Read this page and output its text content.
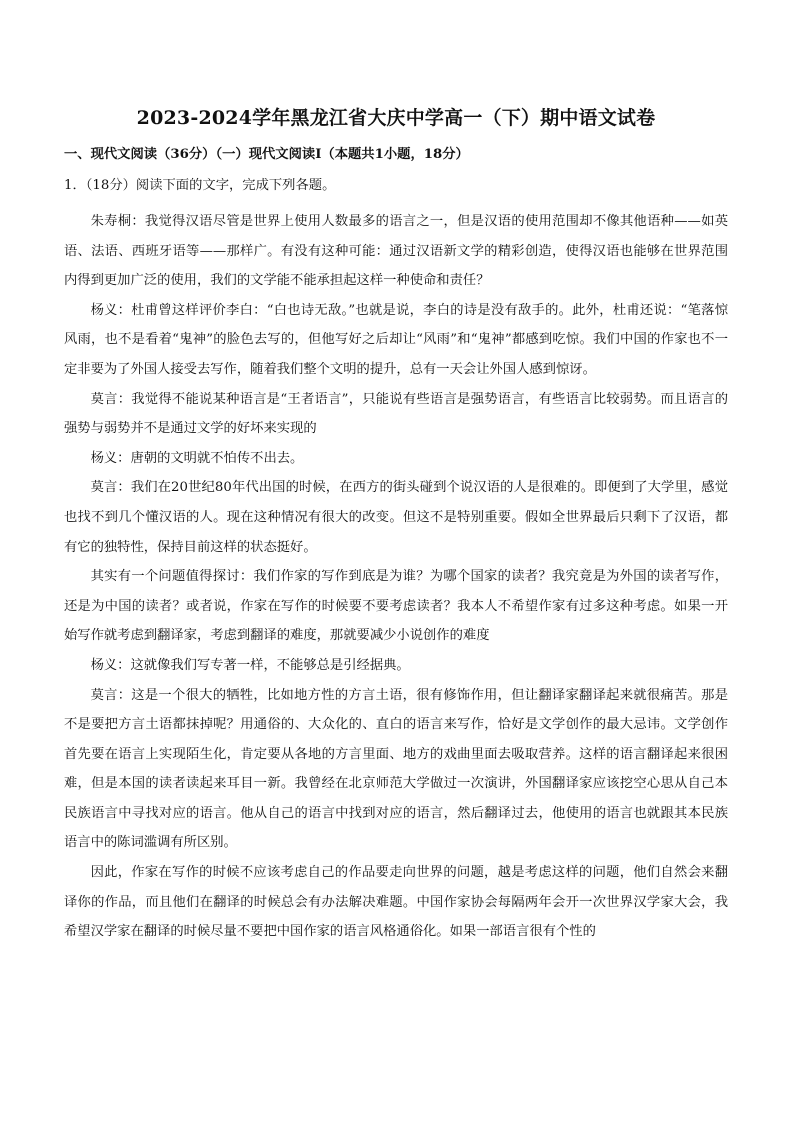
2023-2024学年黑龙江省大庆中学高一（下）期中语文试卷
一、现代文阅读（36分）（一）现代文阅读Ⅰ（本题共1小题，18分）
1．（18分）阅读下面的文字，完成下列各题。

朱寿桐：我觉得汉语尽管是世界上使用人数最多的语言之一，但是汉语的使用范围却不像其他语种——如英语、法语、西班牙语等——那样广。有没有这种可能：通过汉语新文学的精彩创造，使得汉语也能够在世界范围内得到更加广泛的使用，我们的文学能不能承担起这样一种使命和责任？

杨义：杜甫曾这样评价李白：“白也诗无敌。”也就是说，李白的诗是没有敌手的。此外，杜甫还说：“笔落惊风雨，也不是看着“鬼神”的脸色去写的，但他写好之后却让“风雨”和“鬼神”都感到吃惊。我们中国的作家也不一定非要为了外国人接受去写作，随着我们整个文明的提升，总有一天会让外国人感到惊讶。

莫言：我觉得不能说某种语言是“王者语言”，只能说有些语言是强势语言，有些语言比较弱势。而且语言的强势与弱势并不是通过文学的好坏来实现的

杨义：唐朝的文明就不怕传不出去。

莫言：我们在20世纪80年代出国的时候，在西方的街头碰到个说汉语的人是很难的。即便到了大学里，感觉也找不到几个懂汉语的人。现在这种情况有很大的改变。但这不是特别重要。假如全世界最后只剩下了汉语，都有它的独特性，保持目前这样的状态挺好。

其实有一个问题值得探讨：我们作家的写作到底是为谁？为哪个国家的读者？我究竟是为外国的读者写作，还是为中国的读者？或者说，作家在写作的时候要不要考虑读者？我本人不希望作家有过多这种考虑。如果一开始写作就考虑到翻译家，考虑到翻译的难度，那就要减少小说创作的难度

杨义：这就像我们写专著一样，不能够总是引经据典。

莫言：这是一个很大的牺牲，比如地方性的方言土语，很有修饰作用，但让翻译家翻译起来就很痛苦。那是不是要把方言土语都抹掉呢？用通俗的、大众化的、直白的语言来写作，恰好是文学创作的最大忌讳。文学创作首先要在语言上实现陌生化，肯定要从各地的方言里面、地方的戏曲里面去吸取营养。这样的语言翻译起来很困难，但是本国的读者读起来耳目一新。我曾经在北京师范大学做过一次演讲，外国翻译家应该挖空心思从自己本民族语言中寻找对应的语言。他从自己的语言中找到对应的语言，然后翻译过去，他使用的语言也就跟其本民族语言中的陈词滥调有所区别。

因此，作家在写作的时候不应该考虑自己的作品要走向世界的问题，越是考虑这样的问题，他们自然会来翻译你的作品，而且他们在翻译的时候总会有办法解决难题。中国作家协会每隔两年会开一次世界汉学家大会，我希望汉学家在翻译的时候尽量不要把中国作家的语言风格通俗化。如果一部语言很有个性的
